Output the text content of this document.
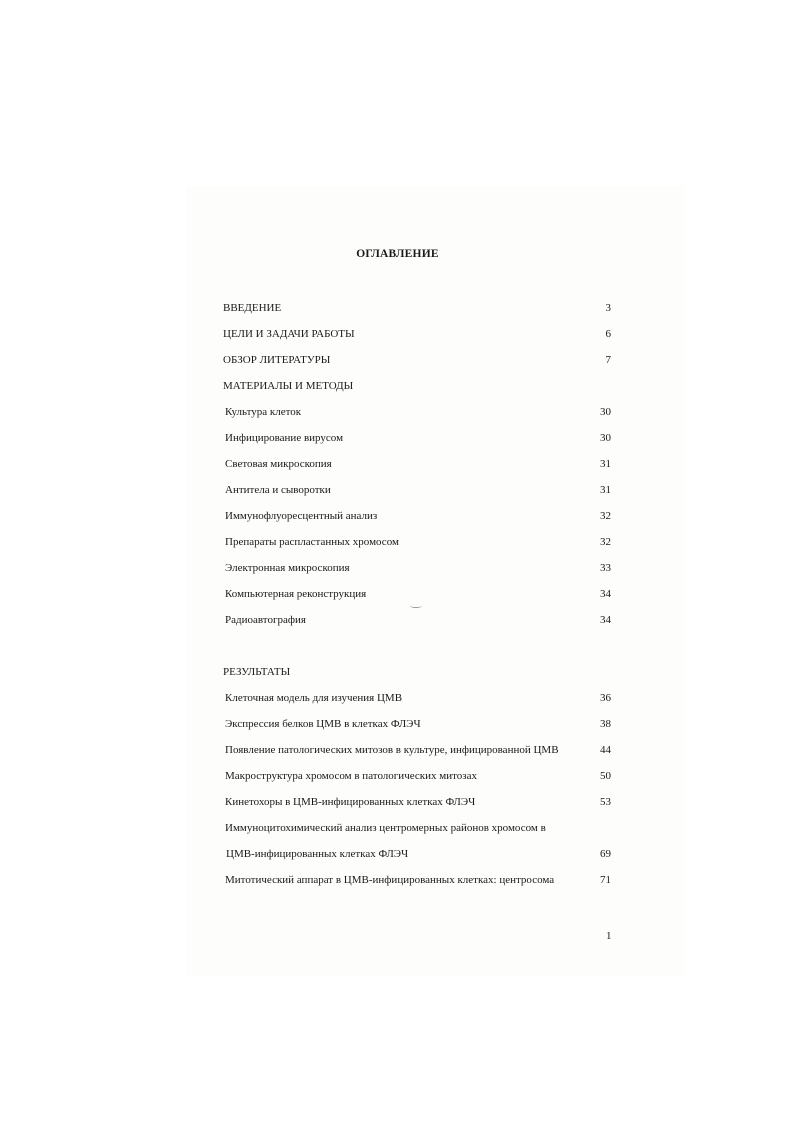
ОГЛАВЛЕНИЕ
ВВЕДЕНИЕ	3
ЦЕЛИ И ЗАДАЧИ РАБОТЫ	6
ОБЗОР ЛИТЕРАТУРЫ	7
МАТЕРИАЛЫ И МЕТОДЫ
Культура клеток	30
Инфицирование вирусом	30
Световая микроскопия	31
Антитела и сыворотки	31
Иммунофлуоресцентный анализ	32
Препараты распластанных хромосом	32
Электронная микроскопия	33
Компьютерная реконструкция	34
Радиоавтография	34
РЕЗУЛЬТАТЫ
Клеточная модель для изучения ЦМВ	36
Экспрессия белков ЦМВ в клетках ФЛЭЧ	38
Появление патологических митозов в культуре, инфицированной ЦМВ	44
Макроструктура хромосом в патологических митозах	50
Кинетохоры в ЦМВ-инфицированных клетках ФЛЭЧ	53
Иммуноцитохимический анализ центромерных районов хромосом в
ЦМВ-инфицированных клетках ФЛЭЧ	69
Митотический аппарат в ЦМВ-инфицированных клетках: центросома	71
1
